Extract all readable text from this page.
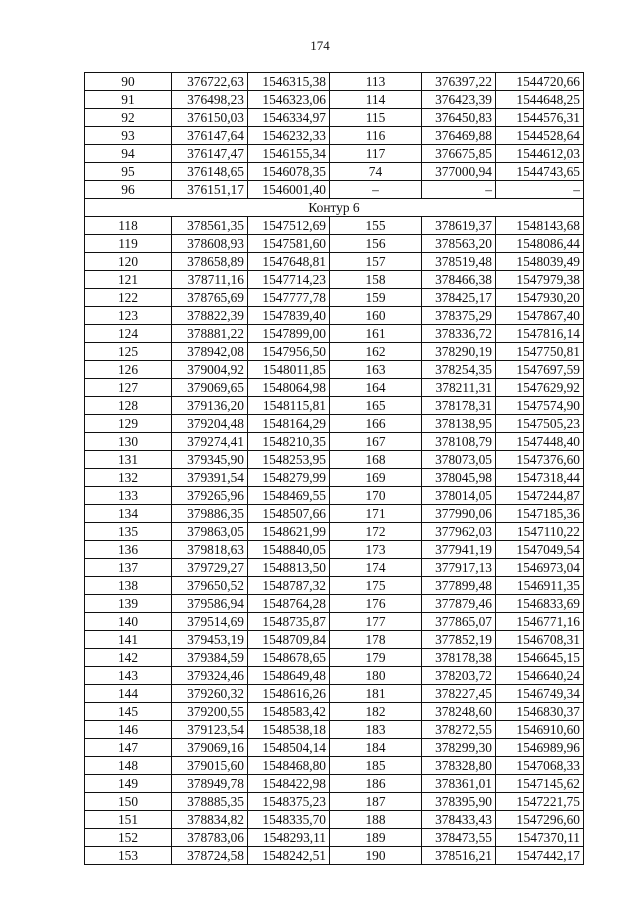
174
90	376722,63	1546315,38	113	376397,22	1544720,66
91	376498,23	1546323,06	114	376423,39	1544648,25
92	376150,03	1546334,97	115	376450,83	1544576,31
93	376147,64	1546232,33	116	376469,88	1544528,64
94	376147,47	1546155,34	117	376675,85	1544612,03
95	376148,65	1546078,35	74	377000,94	1544743,65
96	376151,17	1546001,40	–	–	–
Контур 6					
118	378561,35	1547512,69	155	378619,37	1548143,68
119	378608,93	1547581,60	156	378563,20	1548086,44
120	378658,89	1547648,81	157	378519,48	1548039,49
121	378711,16	1547714,23	158	378466,38	1547979,38
122	378765,69	1547777,78	159	378425,17	1547930,20
123	378822,39	1547839,40	160	378375,29	1547867,40
124	378881,22	1547899,00	161	378336,72	1547816,14
125	378942,08	1547956,50	162	378290,19	1547750,81
126	379004,92	1548011,85	163	378254,35	1547697,59
127	379069,65	1548064,98	164	378211,31	1547629,92
128	379136,20	1548115,81	165	378178,31	1547574,90
129	379204,48	1548164,29	166	378138,95	1547505,23
130	379274,41	1548210,35	167	378108,79	1547448,40
131	379345,90	1548253,95	168	378073,05	1547376,60
132	379391,54	1548279,99	169	378045,98	1547318,44
133	379265,96	1548469,55	170	378014,05	1547244,87
134	379886,35	1548507,66	171	377990,06	1547185,36
135	379863,05	1548621,99	172	377962,03	1547110,22
136	379818,63	1548840,05	173	377941,19	1547049,54
137	379729,27	1548813,50	174	377917,13	1546973,04
138	379650,52	1548787,32	175	377899,48	1546911,35
139	379586,94	1548764,28	176	377879,46	1546833,69
140	379514,69	1548735,87	177	377865,07	1546771,16
141	379453,19	1548709,84	178	377852,19	1546708,31
142	379384,59	1548678,65	179	378178,38	1546645,15
143	379324,46	1548649,48	180	378203,72	1546640,24
144	379260,32	1548616,26	181	378227,45	1546749,34
145	379200,55	1548583,42	182	378248,60	1546830,37
146	379123,54	1548538,18	183	378272,55	1546910,60
147	379069,16	1548504,14	184	378299,30	1546989,96
148	379015,60	1548468,80	185	378328,80	1547068,33
149	378949,78	1548422,98	186	378361,01	1547145,62
150	378885,35	1548375,23	187	378395,90	1547221,75
151	378834,82	1548335,70	188	378433,43	1547296,60
152	378783,06	1548293,11	189	378473,55	1547370,11
153	378724,58	1548242,51	190	378516,21	1547442,17
